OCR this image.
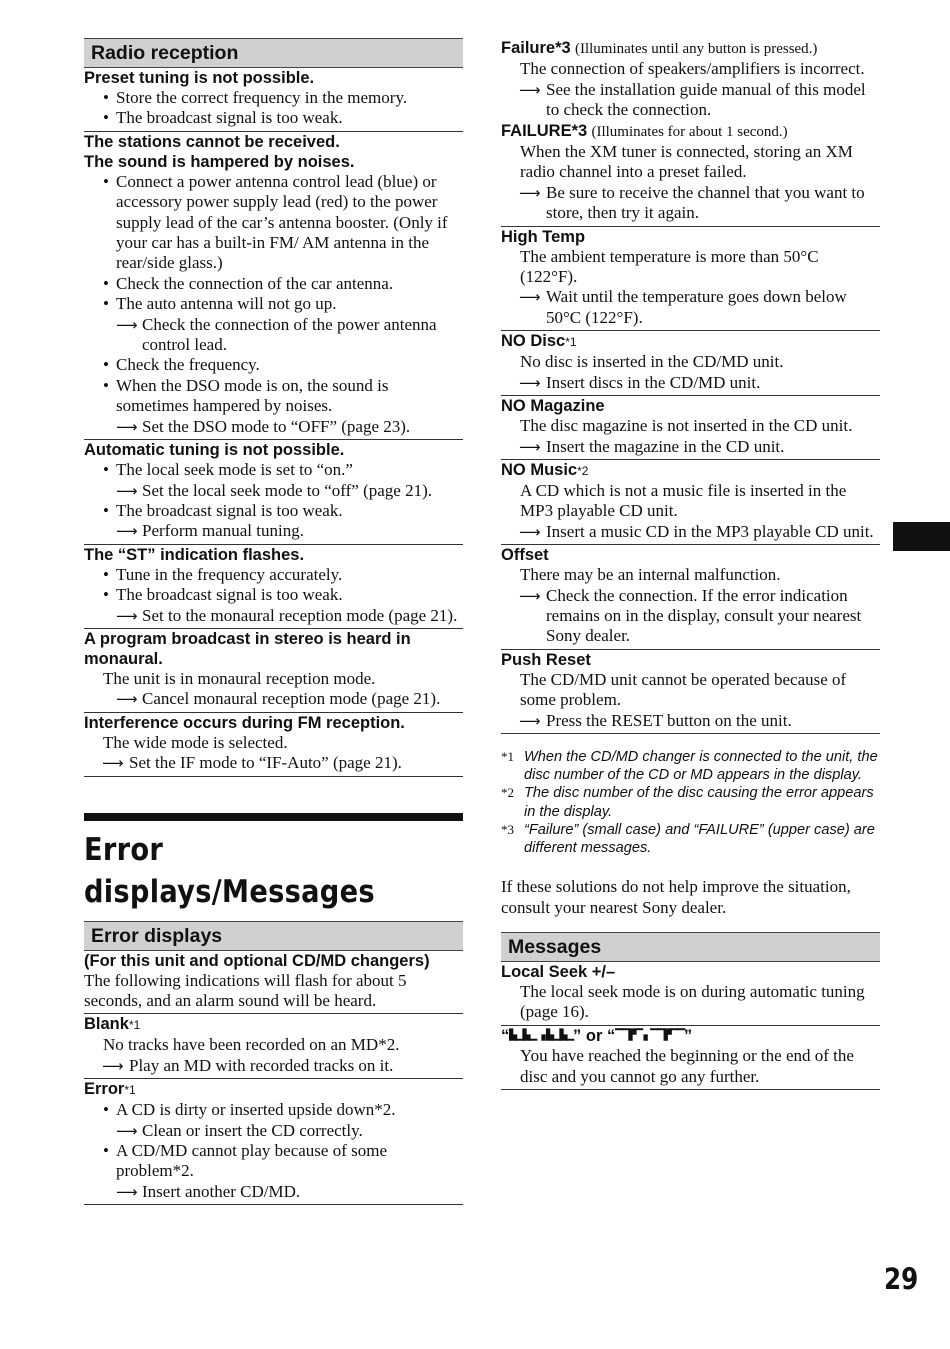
Radio reception
Preset tuning is not possible.
• Store the correct frequency in the memory.
• The broadcast signal is too weak.
The stations cannot be received.
The sound is hampered by noises.
• Connect a power antenna control lead (blue) or accessory power supply lead (red) to the power supply lead of the car’s antenna booster. (Only if your car has a built-in FM/ AM antenna in the rear/side glass.)
• Check the connection of the car antenna.
• The auto antenna will not go up.
⟶ Check the connection of the power antenna control lead.
• Check the frequency.
• When the DSO mode is on, the sound is sometimes hampered by noises.
⟶ Set the DSO mode to “OFF” (page 23).
Automatic tuning is not possible.
• The local seek mode is set to “on.”
⟶ Set the local seek mode to “off” (page 21).
• The broadcast signal is too weak.
⟶ Perform manual tuning.
The “ST” indication flashes.
• Tune in the frequency accurately.
• The broadcast signal is too weak.
⟶ Set to the monaural reception mode (page 21).
A program broadcast in stereo is heard in monaural.
The unit is in monaural reception mode.
⟶ Cancel monaural reception mode (page 21).
Interference occurs during FM reception.
The wide mode is selected.
⟶ Set the IF mode to “IF-Auto” (page 21).
Error displays/Messages
Error displays
(For this unit and optional CD/MD changers)
The following indications will flash for about 5 seconds, and an alarm sound will be heard.
Blank*1
No tracks have been recorded on an MD*2.
⟶ Play an MD with recorded tracks on it.
Error*1
• A CD is dirty or inserted upside down*2.
⟶ Clean or insert the CD correctly.
• A CD/MD cannot play because of some problem*2.
⟶ Insert another CD/MD.
Failure*3 (Illuminates until any button is pressed.)
The connection of speakers/amplifiers is incorrect.
⟶ See the installation guide manual of this model to check the connection.
FAILURE*3 (Illuminates for about 1 second.)
When the XM tuner is connected, storing an XM radio channel into a preset failed.
⟶ Be sure to receive the channel that you want to store, then try it again.
High Temp
The ambient temperature is more than 50°C (122°F).
⟶ Wait until the temperature goes down below 50°C (122°F).
NO Disc*1
No disc is inserted in the CD/MD unit.
⟶ Insert discs in the CD/MD unit.
NO Magazine
The disc magazine is not inserted in the CD unit.
⟶ Insert the magazine in the CD unit.
NO Music*2
A CD which is not a music file is inserted in the MP3 playable CD unit.
⟶ Insert a music CD in the MP3 playable CD unit.
Offset
There may be an internal malfunction.
⟶ Check the connection. If the error indication remains on in the display, consult your nearest Sony dealer.
Push Reset
The CD/MD unit cannot be operated because of some problem.
⟶ Press the RESET button on the unit.
*1 When the CD/MD changer is connected to the unit, the disc number of the CD or MD appears in the display.
*2 The disc number of the disc causing the error appears in the display.
*3 “Failure” (small case) and “FAILURE” (upper case) are different messages.
If these solutions do not help improve the situation, consult your nearest Sony dealer.
Messages
Local Seek +/–
The local seek mode is on during automatic tuning (page 16).
“▙▁▙▁ ▗ ▙▁▙▁” or “▔▔▛▔ ▖▔▔▛▔▔”
You have reached the beginning or the end of the disc and you cannot go any further.
29
